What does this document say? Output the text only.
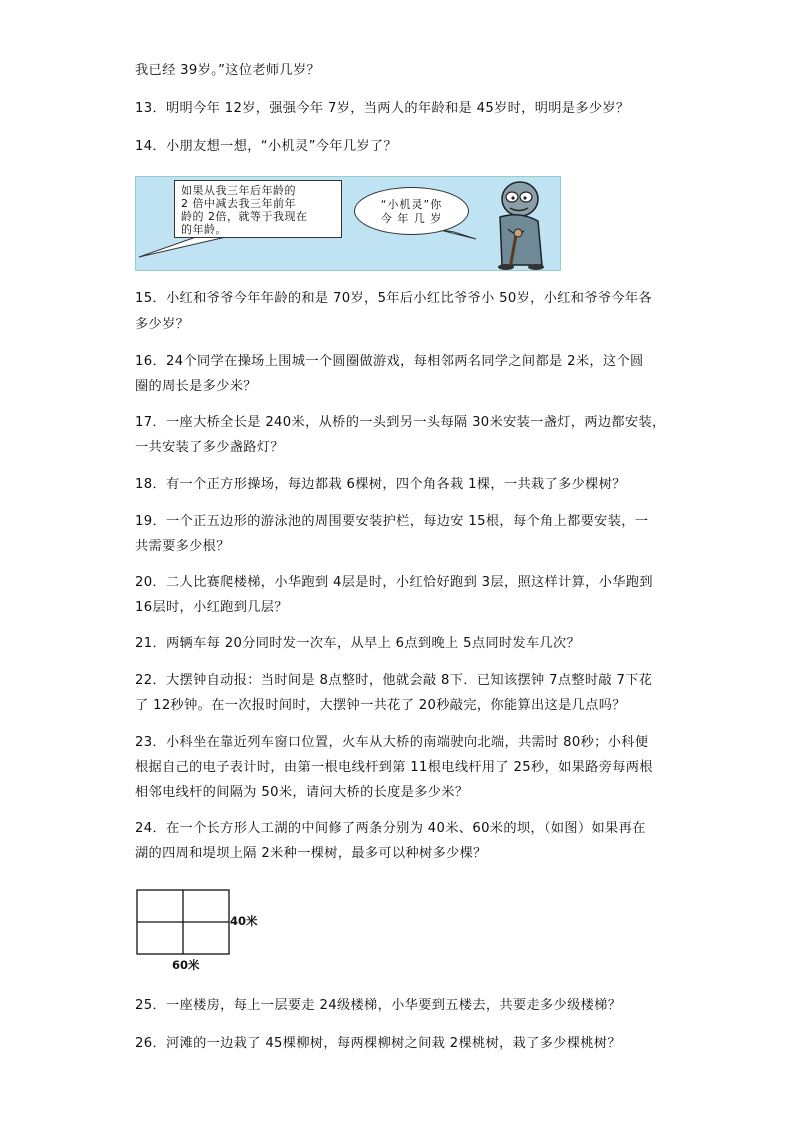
我已经 39岁。”这位老师几岁？
13．明明今年 12岁，强强今年 7岁，当两人的年龄和是 45岁时，明明是多少岁？
14．小朋友想一想，“小机灵”今年几岁了？
如果从我三年后年龄的
2 倍中减去我三年前年
龄的 2倍，就等于我现在
的年龄。
“小机灵”你
今 年 几 岁
15．小红和爷爷今年年龄的和是 70岁，5年后小红比爷爷小 50岁，小红和爷爷今年各
多少岁？
16．24个同学在操场上围城一个圆圈做游戏，每相邻两名同学之间都是 2米，这个圆
圈的周长是多少米？
17．一座大桥全长是 240米，从桥的一头到另一头每隔 30米安装一盏灯，两边都安装，
一共安装了多少盏路灯？
18．有一个正方形操场，每边都栽 6棵树，四个角各栽 1棵，一共栽了多少棵树？
19．一个正五边形的游泳池的周围要安装护栏，每边安 15根，每个角上都要安装，一
共需要多少根？
20．二人比赛爬楼梯，小华跑到 4层是时，小红恰好跑到 3层，照这样计算，小华跑到
16层时，小红跑到几层？
21．两辆车每 20分同时发一次车，从早上 6点到晚上 5点同时发车几次？
22．大摆钟自动报：当时间是 8点整时，他就会敲 8下．已知该摆钟 7点整时敲 7下花
了 12秒钟。在一次报时间时，大摆钟一共花了 20秒敲完，你能算出这是几点吗？
23．小科坐在靠近列车窗口位置，火车从大桥的南端驶向北端，共需时 80秒；小科便
根据自己的电子表计时，由第一根电线杆到第 11根电线杆用了 25秒，如果路旁每两根
相邻电线杆的间隔为 50米，请问大桥的长度是多少米？
24．在一个长方形人工湖的中间修了两条分别为 40米、60米的坝，（如图）如果再在
湖的四周和堤坝上隔 2米种一棵树，最多可以种树多少棵？
40米
60米
25．一座楼房，每上一层要走 24级楼梯，小华要到五楼去，共要走多少级楼梯？
26．河滩的一边栽了 45棵柳树，每两棵柳树之间栽 2棵桃树，栽了多少棵桃树？
